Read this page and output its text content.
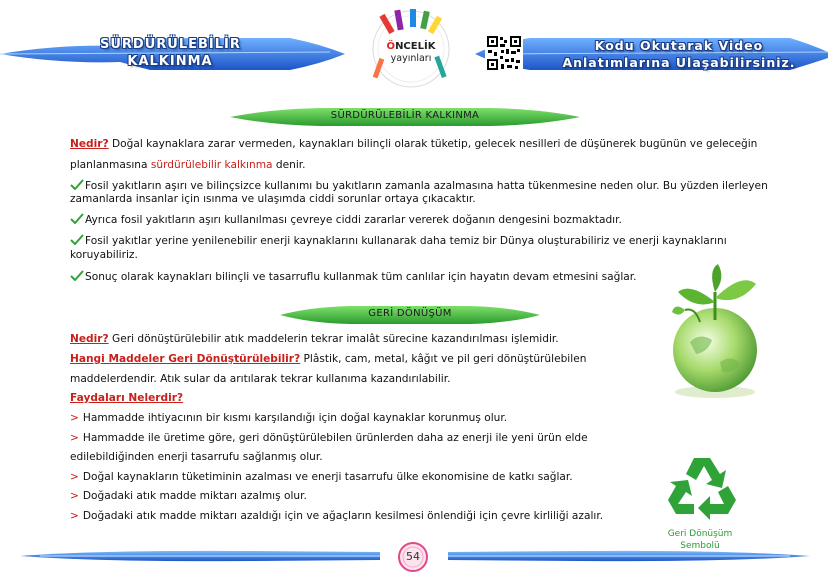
SÜRDÜRÜLEBİLİR
KALKINMA
ÖNCELİK
yayınları
Kodu Okutarak Video
Anlatımlarına Ulaşabilirsiniz.
SÜRDÜRÜLEBİLİR KALKINMA
Nedir? Doğal kaynaklara zarar vermeden, kaynakları bilinçli olarak tüketip, gelecek nesilleri de düşünerek bugünün ve geleceğin
planlanmasına sürdürülebilir kalkınma denir.
Fosil yakıtların aşırı ve bilinçsizce kullanımı bu yakıtların zamanla azalmasına hatta tükenmesine neden olur. Bu yüzden ilerleyen
zamanlarda insanlar için ısınma ve ulaşımda ciddi sorunlar ortaya çıkacaktır.
Ayrıca fosil yakıtların aşırı kullanılması çevreye ciddi zararlar vererek doğanın dengesini bozmaktadır.
Fosil yakıtlar yerine yenilenebilir enerji kaynaklarını kullanarak daha temiz bir Dünya oluşturabiliriz ve enerji kaynaklarını
koruyabiliriz.
Sonuç olarak kaynakları bilinçli ve tasarruflu kullanmak tüm canlılar için hayatın devam etmesini sağlar.
GERİ DÖNÜŞÜM
Nedir? Geri dönüştürülebilir atık maddelerin tekrar imalât sürecine kazandırılması işlemidir.
Hangi Maddeler Geri Dönüştürülebilir? Plâstik, cam, metal, kâğıt ve pil geri dönüştürülebilen
maddelerdendir. Atık sular da arıtılarak tekrar kullanıma kazandırılabilir.
Faydaları Nelerdir?
> Hammadde ihtiyacının bir kısmı karşılandığı için doğal kaynaklar korunmuş olur.
> Hammadde ile üretime göre, geri dönüştürülebilen ürünlerden daha az enerji ile yeni ürün elde
edilebildiğinden enerji tasarrufu sağlanmış olur.
> Doğal kaynakların tüketiminin azalması ve enerji tasarrufu ülke ekonomisine de katkı sağlar.
> Doğadaki atık madde miktarı azalmış olur.
> Doğadaki atık madde miktarı azaldığı için ve ağaçların kesilmesi önlendiği için çevre kirliliği azalır.
Geri Dönüşüm
Sembolü
54
